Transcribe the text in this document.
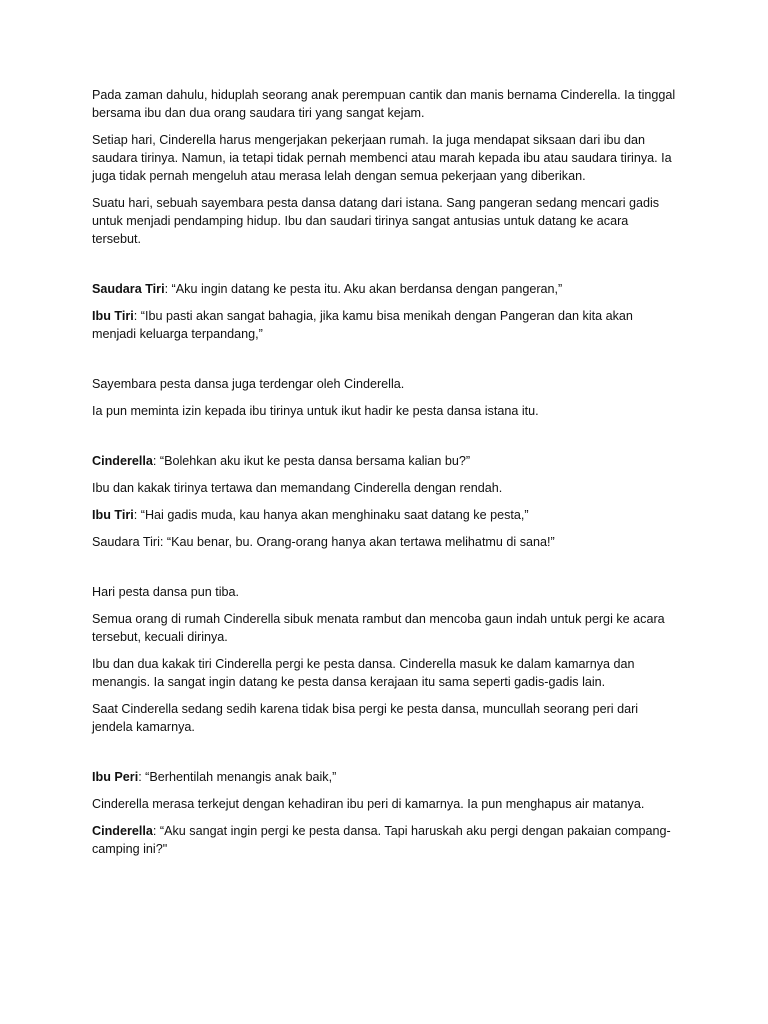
Pada zaman dahulu, hiduplah seorang anak perempuan cantik dan manis bernama Cinderella. Ia tinggal bersama ibu dan dua orang saudara tiri yang sangat kejam.

Setiap hari, Cinderella harus mengerjakan pekerjaan rumah. Ia juga mendapat siksaan dari ibu dan saudara tirinya. Namun, ia tetapi tidak pernah membenci atau marah kepada ibu atau saudara tirinya. Ia juga tidak pernah mengeluh atau merasa lelah dengan semua pekerjaan yang diberikan.

Suatu hari, sebuah sayembara pesta dansa datang dari istana. Sang pangeran sedang mencari gadis untuk menjadi pendamping hidup. Ibu dan saudari tirinya sangat antusias untuk datang ke acara tersebut.

Saudara Tiri: “Aku ingin datang ke pesta itu. Aku akan berdansa dengan pangeran,”

Ibu Tiri: “Ibu pasti akan sangat bahagia, jika kamu bisa menikah dengan Pangeran dan kita akan menjadi keluarga terpandang,”

Sayembara pesta dansa juga terdengar oleh Cinderella.

Ia pun meminta izin kepada ibu tirinya untuk ikut hadir ke pesta dansa istana itu.

Cinderella: “Bolehkan aku ikut ke pesta dansa bersama kalian bu?”

Ibu dan kakak tirinya tertawa dan memandang Cinderella dengan rendah.

Ibu Tiri: “Hai gadis muda, kau hanya akan menghinaku saat datang ke pesta,”

Saudara Tiri: “Kau benar, bu. Orang-orang hanya akan tertawa melihatmu di sana!”

Hari pesta dansa pun tiba.

Semua orang di rumah Cinderella sibuk menata rambut dan mencoba gaun indah untuk pergi ke acara tersebut, kecuali dirinya.

Ibu dan dua kakak tiri Cinderella pergi ke pesta dansa. Cinderella masuk ke dalam kamarnya dan menangis. Ia sangat ingin datang ke pesta dansa kerajaan itu sama seperti gadis-gadis lain.

Saat Cinderella sedang sedih karena tidak bisa pergi ke pesta dansa, muncullah seorang peri dari jendela kamarnya.

Ibu Peri: “Berhentilah menangis anak baik,”

Cinderella merasa terkejut dengan kehadiran ibu peri di kamarnya. Ia pun menghapus air matanya.

Cinderella: “Aku sangat ingin pergi ke pesta dansa. Tapi haruskah aku pergi dengan pakaian compang-camping ini?"
